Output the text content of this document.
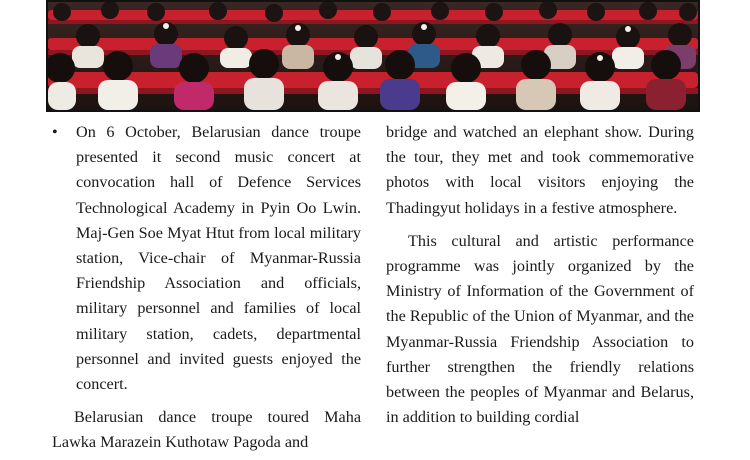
• On 6 October, Belarusian dance troupe presented it second music concert at convocation hall of Defence Services Technological Academy in Pyin Oo Lwin. Maj-Gen Soe Myat Htut from local military station, Vice-chair of Myanmar-Russia Friendship Association and officials, military personnel and families of local military station, cadets, departmental personnel and invited guests enjoyed the concert.

Belarusian dance troupe toured Maha Lawka Marazein Kuthotaw Pagoda and

bridge and watched an elephant show. During the tour, they met and took commemorative photos with local visitors enjoying the Thadingyut holidays in a festive atmosphere.

This cultural and artistic performance programme was jointly organized by the Ministry of Information of the Government of the Republic of the Union of Myanmar, and the Myanmar-Russia Friendship Association to further strengthen the friendly relations between the peoples of Myanmar and Belarus, in addition to building cordial
